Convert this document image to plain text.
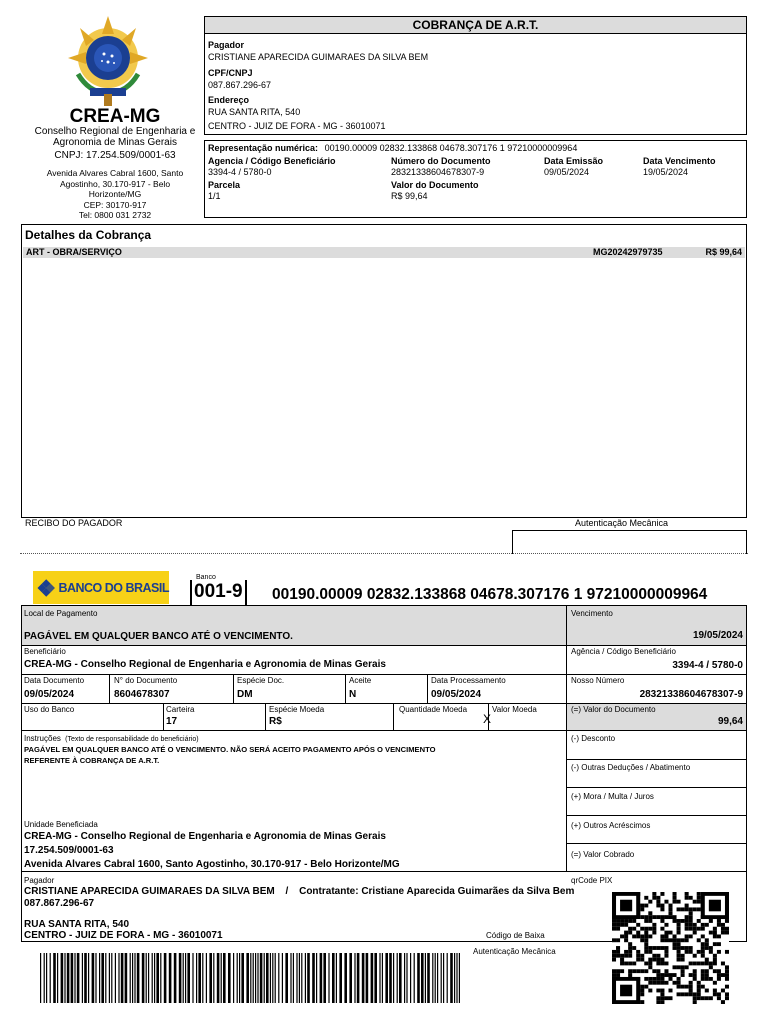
CREA-MG
Conselho Regional de Engenharia e Agronomia de Minas Gerais
CNPJ: 17.254.509/0001-63
Avenida Alvares Cabral 1600, Santo
Agostinho, 30.170-917 - Belo
Horizonte/MG
CEP: 30170-917
Tel: 0800 031 2732
COBRANÇA DE A.R.T.
Pagador
CRISTIANE APARECIDA GUIMARAES DA SILVA BEM
CPF/CNPJ
087.867.296-67
Endereço
RUA SANTA RITA, 540
CENTRO - JUIZ DE FORA - MG - 36010071
Representação numérica: 00190.00009 02832.133868 04678.307176 1 97210000009964
Agencia / Código Beneficiário
3394-4 / 5780-0
Número do Documento
28321338604678307-9
Data Emissão
09/05/2024
Data Vencimento
19/05/2024
Parcela
1/1
Valor do Documento
R$ 99,64
Detalhes da Cobrança
ART - OBRA/SERVIÇO	MG20242979735	R$ 99,64
RECIBO DO PAGADOR	Autenticação Mecânica
BANCO DO BRASIL
Banco
001-9 00190.00009 02832.133868 04678.307176 1 97210000009964
Local de Pagamento
PAGÁVEL EM QUALQUER BANCO ATÉ O VENCIMENTO.
Vencimento
19/05/2024
Beneficiário
CREA-MG - Conselho Regional de Engenharia e Agronomia de Minas Gerais
Agência / Código Beneficiário
3394-4 / 5780-0
Data Documento
09/05/2024
N° do Documento
8604678307
Espécie Doc.
DM
Aceite
N
Data Processamento
09/05/2024
Nosso Número
28321338604678307-9
Uso do Banco	Carteira
17
Espécie Moeda
R$
Quantidade Moeda	Valor Moeda
X
(=) Valor do Documento
99,64
Instruções (Texto de responsabilidade do beneficiário)
PAGÁVEL EM QUALQUER BANCO ATÉ O VENCIMENTO. NÃO SERÁ ACEITO PAGAMENTO APÓS O VENCIMENTO
REFERENTE À COBRANÇA DE A.R.T.
(-) Desconto
(-) Outras Deduções / Abatimento
(+) Mora / Multa / Juros
(+) Outros Acréscimos
(=) Valor Cobrado
Unidade Beneficiada
CREA-MG - Conselho Regional de Engenharia e Agronomia de Minas Gerais
17.254.509/0001-63
Avenida Alvares Cabral 1600, Santo Agostinho, 30.170-917 - Belo Horizonte/MG
Pagador	qrCode PIX
CRISTIANE APARECIDA GUIMARAES DA SILVA BEM / Contratante: Cristiane Aparecida Guimarães da Silva Bem
087.867.296-67
RUA SANTA RITA, 540
CENTRO - JUIZ DE FORA - MG - 36010071	Código de Baixa
Autenticação Mecânica
